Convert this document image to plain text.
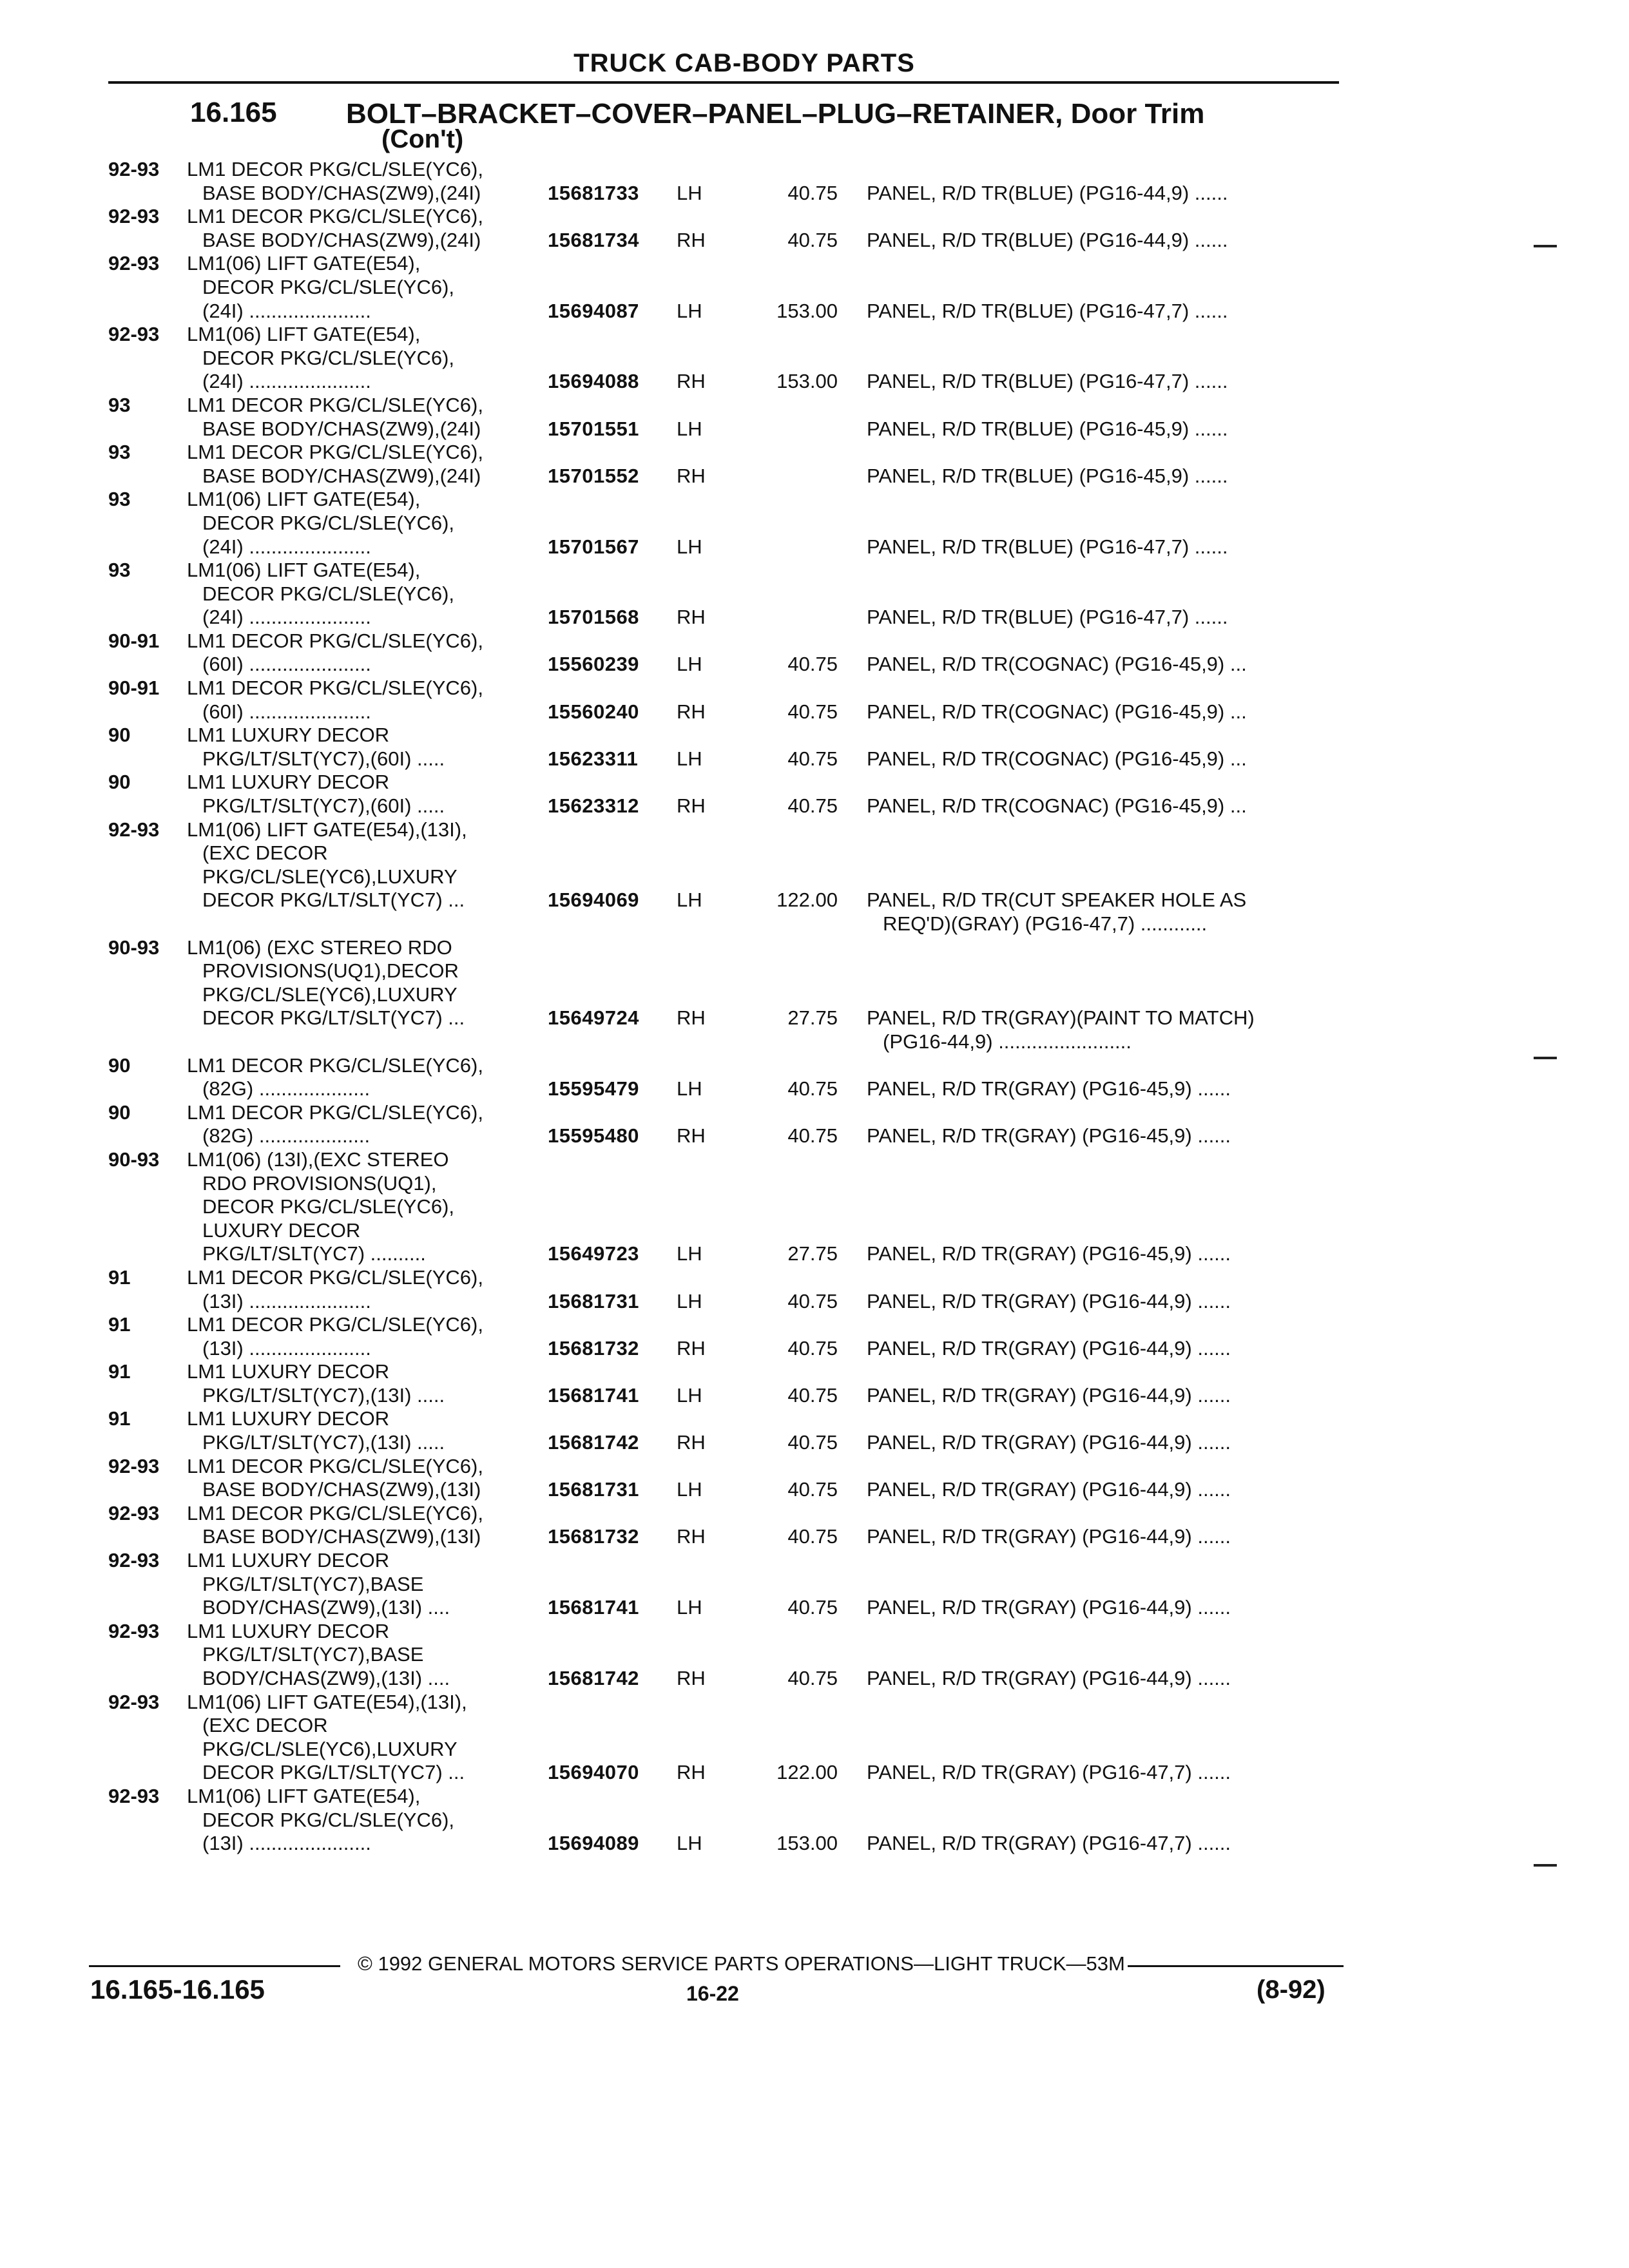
TRUCK CAB-BODY PARTS
16.165 BOLT–BRACKET–COVER–PANEL–PLUG–RETAINER, Door Trim
(Con't)
92-93	LM1 DECOR PKG/CL/SLE(YC6),
BASE BODY/CHAS(ZW9),(24I)	15681733 LH	40.75 PANEL, R/D TR(BLUE) (PG16-44,9) ......
92-93	LM1 DECOR PKG/CL/SLE(YC6),
BASE BODY/CHAS(ZW9),(24I)	15681734 RH	40.75 PANEL, R/D TR(BLUE) (PG16-44,9) ......
92-93	LM1(06) LIFT GATE(E54),
DECOR PKG/CL/SLE(YC6),
(24I) ......................	15694087 LH	153.00 PANEL, R/D TR(BLUE) (PG16-47,7) ......
92-93	LM1(06) LIFT GATE(E54),
DECOR PKG/CL/SLE(YC6),
(24I) ......................	15694088 RH	153.00 PANEL, R/D TR(BLUE) (PG16-47,7) ......
93	LM1 DECOR PKG/CL/SLE(YC6),
BASE BODY/CHAS(ZW9),(24I)	15701551 LH	PANEL, R/D TR(BLUE) (PG16-45,9) ......
93	LM1 DECOR PKG/CL/SLE(YC6),
BASE BODY/CHAS(ZW9),(24I)	15701552 RH	PANEL, R/D TR(BLUE) (PG16-45,9) ......
93	LM1(06) LIFT GATE(E54),
DECOR PKG/CL/SLE(YC6),
(24I) ......................	15701567 LH	PANEL, R/D TR(BLUE) (PG16-47,7) ......
93	LM1(06) LIFT GATE(E54),
DECOR PKG/CL/SLE(YC6),
(24I) ......................	15701568 RH	PANEL, R/D TR(BLUE) (PG16-47,7) ......
90-91	LM1 DECOR PKG/CL/SLE(YC6),
(60I) ......................	15560239 LH	40.75 PANEL, R/D TR(COGNAC) (PG16-45,9) ...
90-91	LM1 DECOR PKG/CL/SLE(YC6),
(60I) ......................	15560240 RH	40.75 PANEL, R/D TR(COGNAC) (PG16-45,9) ...
90	LM1 LUXURY DECOR
PKG/LT/SLT(YC7),(60I) .....	15623311 LH	40.75 PANEL, R/D TR(COGNAC) (PG16-45,9) ...
90	LM1 LUXURY DECOR
PKG/LT/SLT(YC7),(60I) .....	15623312 RH	40.75 PANEL, R/D TR(COGNAC) (PG16-45,9) ...
92-93	LM1(06) LIFT GATE(E54),(13I),
(EXC DECOR
PKG/CL/SLE(YC6),LUXURY
DECOR PKG/LT/SLT(YC7) ...	15694069 LH	122.00 PANEL, R/D TR(CUT SPEAKER HOLE AS
REQ'D)(GRAY) (PG16-47,7) ............
90-93	LM1(06) (EXC STEREO RDO
PROVISIONS(UQ1),DECOR
PKG/CL/SLE(YC6),LUXURY
DECOR PKG/LT/SLT(YC7) ...	15649724 RH	27.75 PANEL, R/D TR(GRAY)(PAINT TO MATCH)
(PG16-44,9) ........................
90	LM1 DECOR PKG/CL/SLE(YC6),
(82G) ....................	15595479 LH	40.75 PANEL, R/D TR(GRAY) (PG16-45,9) ......
90	LM1 DECOR PKG/CL/SLE(YC6),
(82G) ....................	15595480 RH	40.75 PANEL, R/D TR(GRAY) (PG16-45,9) ......
90-93	LM1(06) (13I),(EXC STEREO
RDO PROVISIONS(UQ1),
DECOR PKG/CL/SLE(YC6),
LUXURY DECOR
PKG/LT/SLT(YC7) ..........	15649723 LH	27.75 PANEL, R/D TR(GRAY) (PG16-45,9) ......
91	LM1 DECOR PKG/CL/SLE(YC6),
(13I) ......................	15681731 LH	40.75 PANEL, R/D TR(GRAY) (PG16-44,9) ......
91	LM1 DECOR PKG/CL/SLE(YC6),
(13I) ......................	15681732 RH	40.75 PANEL, R/D TR(GRAY) (PG16-44,9) ......
91	LM1 LUXURY DECOR
PKG/LT/SLT(YC7),(13I) .....	15681741 LH	40.75 PANEL, R/D TR(GRAY) (PG16-44,9) ......
91	LM1 LUXURY DECOR
PKG/LT/SLT(YC7),(13I) .....	15681742 RH	40.75 PANEL, R/D TR(GRAY) (PG16-44,9) ......
92-93	LM1 DECOR PKG/CL/SLE(YC6),
BASE BODY/CHAS(ZW9),(13I)	15681731 LH	40.75 PANEL, R/D TR(GRAY) (PG16-44,9) ......
92-93	LM1 DECOR PKG/CL/SLE(YC6),
BASE BODY/CHAS(ZW9),(13I)	15681732 RH	40.75 PANEL, R/D TR(GRAY) (PG16-44,9) ......
92-93	LM1 LUXURY DECOR
PKG/LT/SLT(YC7),BASE
BODY/CHAS(ZW9),(13I) ....	15681741 LH	40.75 PANEL, R/D TR(GRAY) (PG16-44,9) ......
92-93	LM1 LUXURY DECOR
PKG/LT/SLT(YC7),BASE
BODY/CHAS(ZW9),(13I) ....	15681742 RH	40.75 PANEL, R/D TR(GRAY) (PG16-44,9) ......
92-93	LM1(06) LIFT GATE(E54),(13I),
(EXC DECOR
PKG/CL/SLE(YC6),LUXURY
DECOR PKG/LT/SLT(YC7) ...	15694070 RH	122.00 PANEL, R/D TR(GRAY) (PG16-47,7) ......
92-93	LM1(06) LIFT GATE(E54),
DECOR PKG/CL/SLE(YC6),
(13I) ......................	15694089 LH	153.00 PANEL, R/D TR(GRAY) (PG16-47,7) ......
© 1992 GENERAL MOTORS SERVICE PARTS OPERATIONS—LIGHT TRUCK—53M
16.165-16.165	16-22	(8-92)
